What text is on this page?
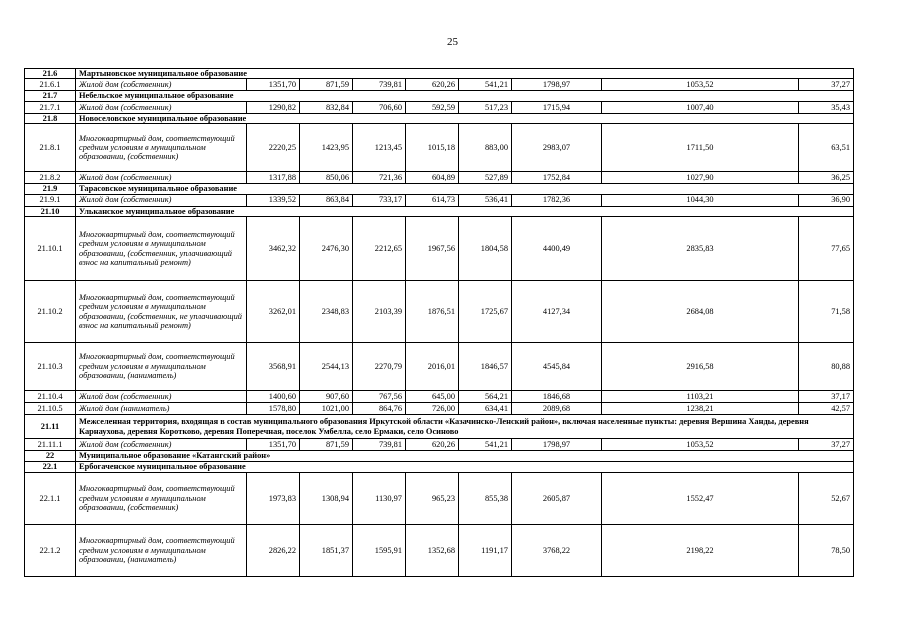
25
21.6	Мартыновское муниципальное образование								
21.6.1	Жилой дом (собственник)	1351,70	871,59	739,81	620,26	541,21	1798,97	1053,52	37,27
21.7	Небельское муниципальное образование								
21.7.1	Жилой дом (собственник)	1290,82	832,84	706,60	592,59	517,23	1715,94	1007,40	35,43
21.8	Новоселовское муниципальное образование								
21.8.1	Многоквартирный дом, соответствующий средним условиям в муниципальном образовании, (собственник)	2220,25	1423,95	1213,45	1015,18	883,00	2983,07	1711,50	63,51
21.8.2	Жилой дом (собственник)	1317,88	850,06	721,36	604,89	527,89	1752,84	1027,90	36,25
21.9	Тарасовское муниципальное образование								
21.9.1	Жилой дом (собственник)	1339,52	863,84	733,17	614,73	536,41	1782,36	1044,30	36,90
21.10	Ульканское муниципальное образование								
21.10.1	Многоквартирный дом, соответствующий средним условиям в муниципальном образовании, (собственник, уплачивающий взнос на капитальный ремонт)	3462,32	2476,30	2212,65	1967,56	1804,58	4400,49	2835,83	77,65
21.10.2	Многоквартирный дом, соответствующий средним условиям в муниципальном образовании, (собственник, не уплачивающий взнос на капитальный ремонт)	3262,01	2348,83	2103,39	1876,51	1725,67	4127,34	2684,08	71,58
21.10.3	Многоквартирный дом, соответствующий средним условиям в муниципальном образовании, (наниматель)	3568,91	2544,13	2270,79	2016,01	1846,57	4545,84	2916,58	80,88
21.10.4	Жилой дом (собственник)	1400,60	907,60	767,56	645,00	564,21	1846,68	1103,21	37,17
21.10.5	Жилой дом (наниматель)	1578,80	1021,00	864,76	726,00	634,41	2089,68	1238,21	42,57
21.11	Межселенная территория, входящая в состав муниципального образования Иркутской области «Казачинско-Ленский район», включая населенные пункты: деревня Вершина Ханды, деревня Карнаухова, деревня Коротково, деревня Поперечная, поселок Умбелла, село Ермаки, село Осиново								
21.11.1	Жилой дом (собственник)	1351,70	871,59	739,81	620,26	541,21	1798,97	1053,52	37,27
22	Муниципальное образование «Катангский район»								
22.1	Ербогаченское муниципальное образование								
22.1.1	Многоквартирный дом, соответствующий средним условиям в муниципальном образовании, (собственник)	1973,83	1308,94	1130,97	965,23	855,38	2605,87	1552,47	52,67
22.1.2	Многоквартирный дом, соответствующий средним условиям в муниципальном образовании, (наниматель)	2826,22	1851,37	1595,91	1352,68	1191,17	3768,22	2198,22	78,50
